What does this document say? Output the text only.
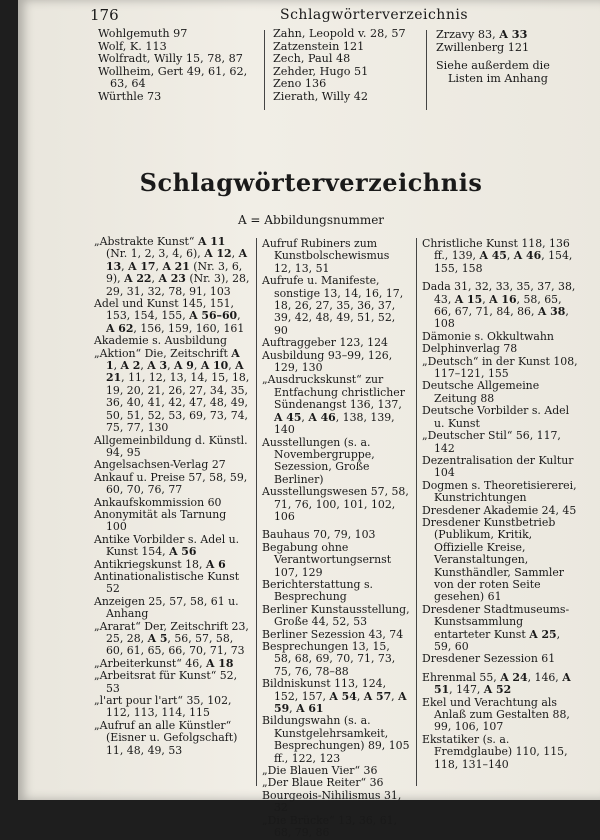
176	Schlagwörterverzeichnis

Wohlgemuth 97

Wolf, K. 113

Wolfradt, Willy 15, 78, 87

Wollheim, Gert 49, 61, 62, 63, 64

Würthle 73

Zahn, Leopold v. 28, 57

Zatzenstein 121

Zech, Paul 48

Zehder, Hugo 51

Zeno 136

Zierath, Willy 42

Zrzavy 83, A 33

Zwillenberg 121

Siehe außerdem die Listen im Anhang

Schlagwörterverzeichnis
A = Abbildungsnummer

„Abstrakte Kunst“ A 11 (Nr. 1, 2, 3, 4, 6), A 12, A 13, A 17, A 21 (Nr. 3, 6, 9), A 22, A 23 (Nr. 3), 28, 29, 31, 32, 78, 91, 103

Adel und Kunst 145, 151, 153, 154, 155, A 56–60, A 62, 156, 159, 160, 161

Akademie s. Ausbildung

„Aktion“ Die, Zeitschrift A 1, A 2, A 3, A 9, A 10, A 21, 11, 12, 13, 14, 15, 18, 19, 20, 21, 26, 27, 34, 35, 36, 40, 41, 42, 47, 48, 49, 50, 51, 52, 53, 69, 73, 74, 75, 77, 130

Allgemeinbildung d. Künstl. 94, 95

Angelsachsen-Verlag 27

Ankauf u. Preise 57, 58, 59, 60, 70, 76, 77

Ankaufskommission 60

Anonymität als Tarnung 100

Antike Vorbilder s. Adel u. Kunst 154, A 56

Antikriegskunst 18, A 6

Antinationalistische Kunst 52

Anzeigen 25, 57, 58, 61 u. Anhang

„Ararat“ Der, Zeitschrift 23, 25, 28, A 5, 56, 57, 58, 60, 61, 65, 66, 70, 71, 73

„Arbeiterkunst“ 46, A 18

„Arbeitsrat für Kunst“ 52, 53

„l'art pour l'art“ 35, 102, 112, 113, 114, 115

„Aufruf an alle Künstler“ (Eisner u. Gefolgschaft) 11, 48, 49, 53

Aufruf Rubiners zum Kunstbolschewismus 12, 13, 51

Aufrufe u. Manifeste, sonstige 13, 14, 16, 17, 18, 26, 27, 35, 36, 37, 39, 42, 48, 49, 51, 52, 90

Auftraggeber 123, 124

Ausbildung 93–99, 126, 129, 130

„Ausdruckskunst“ zur Entfachung christlicher Sündenangst 136, 137, A 45, A 46, 138, 139, 140

Ausstellungen (s. a. Novembergruppe, Sezession, Große Berliner)

Ausstellungswesen 57, 58, 71, 76, 100, 101, 102, 106

Bauhaus 70, 79, 103

Begabung ohne Verantwortungsernst 107, 129

Berichterstattung s. Besprechung

Berliner Kunstausstellung, Große 44, 52, 53

Berliner Sezession 43, 74

Besprechungen 13, 15, 58, 68, 69, 70, 71, 73, 75, 76, 78–88

Bildniskunst 113, 124, 152, 157, A 54, A 57, A 59, A 61

Bildungswahn (s. a. Kunstgelehrsamkeit, Besprechungen) 89, 105 ff., 122, 123

„Die Blauen Vier“ 36

„Der Blaue Reiter“ 36

Bourgeois-Nihilismus 31, 32

„Die Brücke“ 13, 36, 61, 68, 79, 86

Christliche Kunst 118, 136 ff., 139, A 45, A 46, 154, 155, 158

Dada 31, 32, 33, 35, 37, 38, 43, A 15, A 16, 58, 65, 66, 67, 71, 84, 86, A 38, 108

Dämonie s. Okkultwahn

Delphinverlag 78

„Deutsch“ in der Kunst 108, 117–121, 155

Deutsche Allgemeine Zeitung 88

Deutsche Vorbilder s. Adel u. Kunst

„Deutscher Stil“ 56, 117, 142

Dezentralisation der Kultur 104

Dogmen s. Theoretisiererei, Kunstrichtungen

Dresdener Akademie 24, 45

Dresdener Kunstbetrieb (Publikum, Kritik, Offizielle Kreise, Veranstaltungen, Kunsthändler, Sammler von der roten Seite gesehen) 61

Dresdener Stadtmuseums-Kunstsammlung entarteter Kunst A 25, 59, 60

Dresdener Sezession 61

Ehrenmal 55, A 24, 146, A 51, 147, A 52

Ekel und Verachtung als Anlaß zum Gestalten 88, 99, 106, 107

Ekstatiker (s. a. Fremdglaube) 110, 115, 118, 131–140
